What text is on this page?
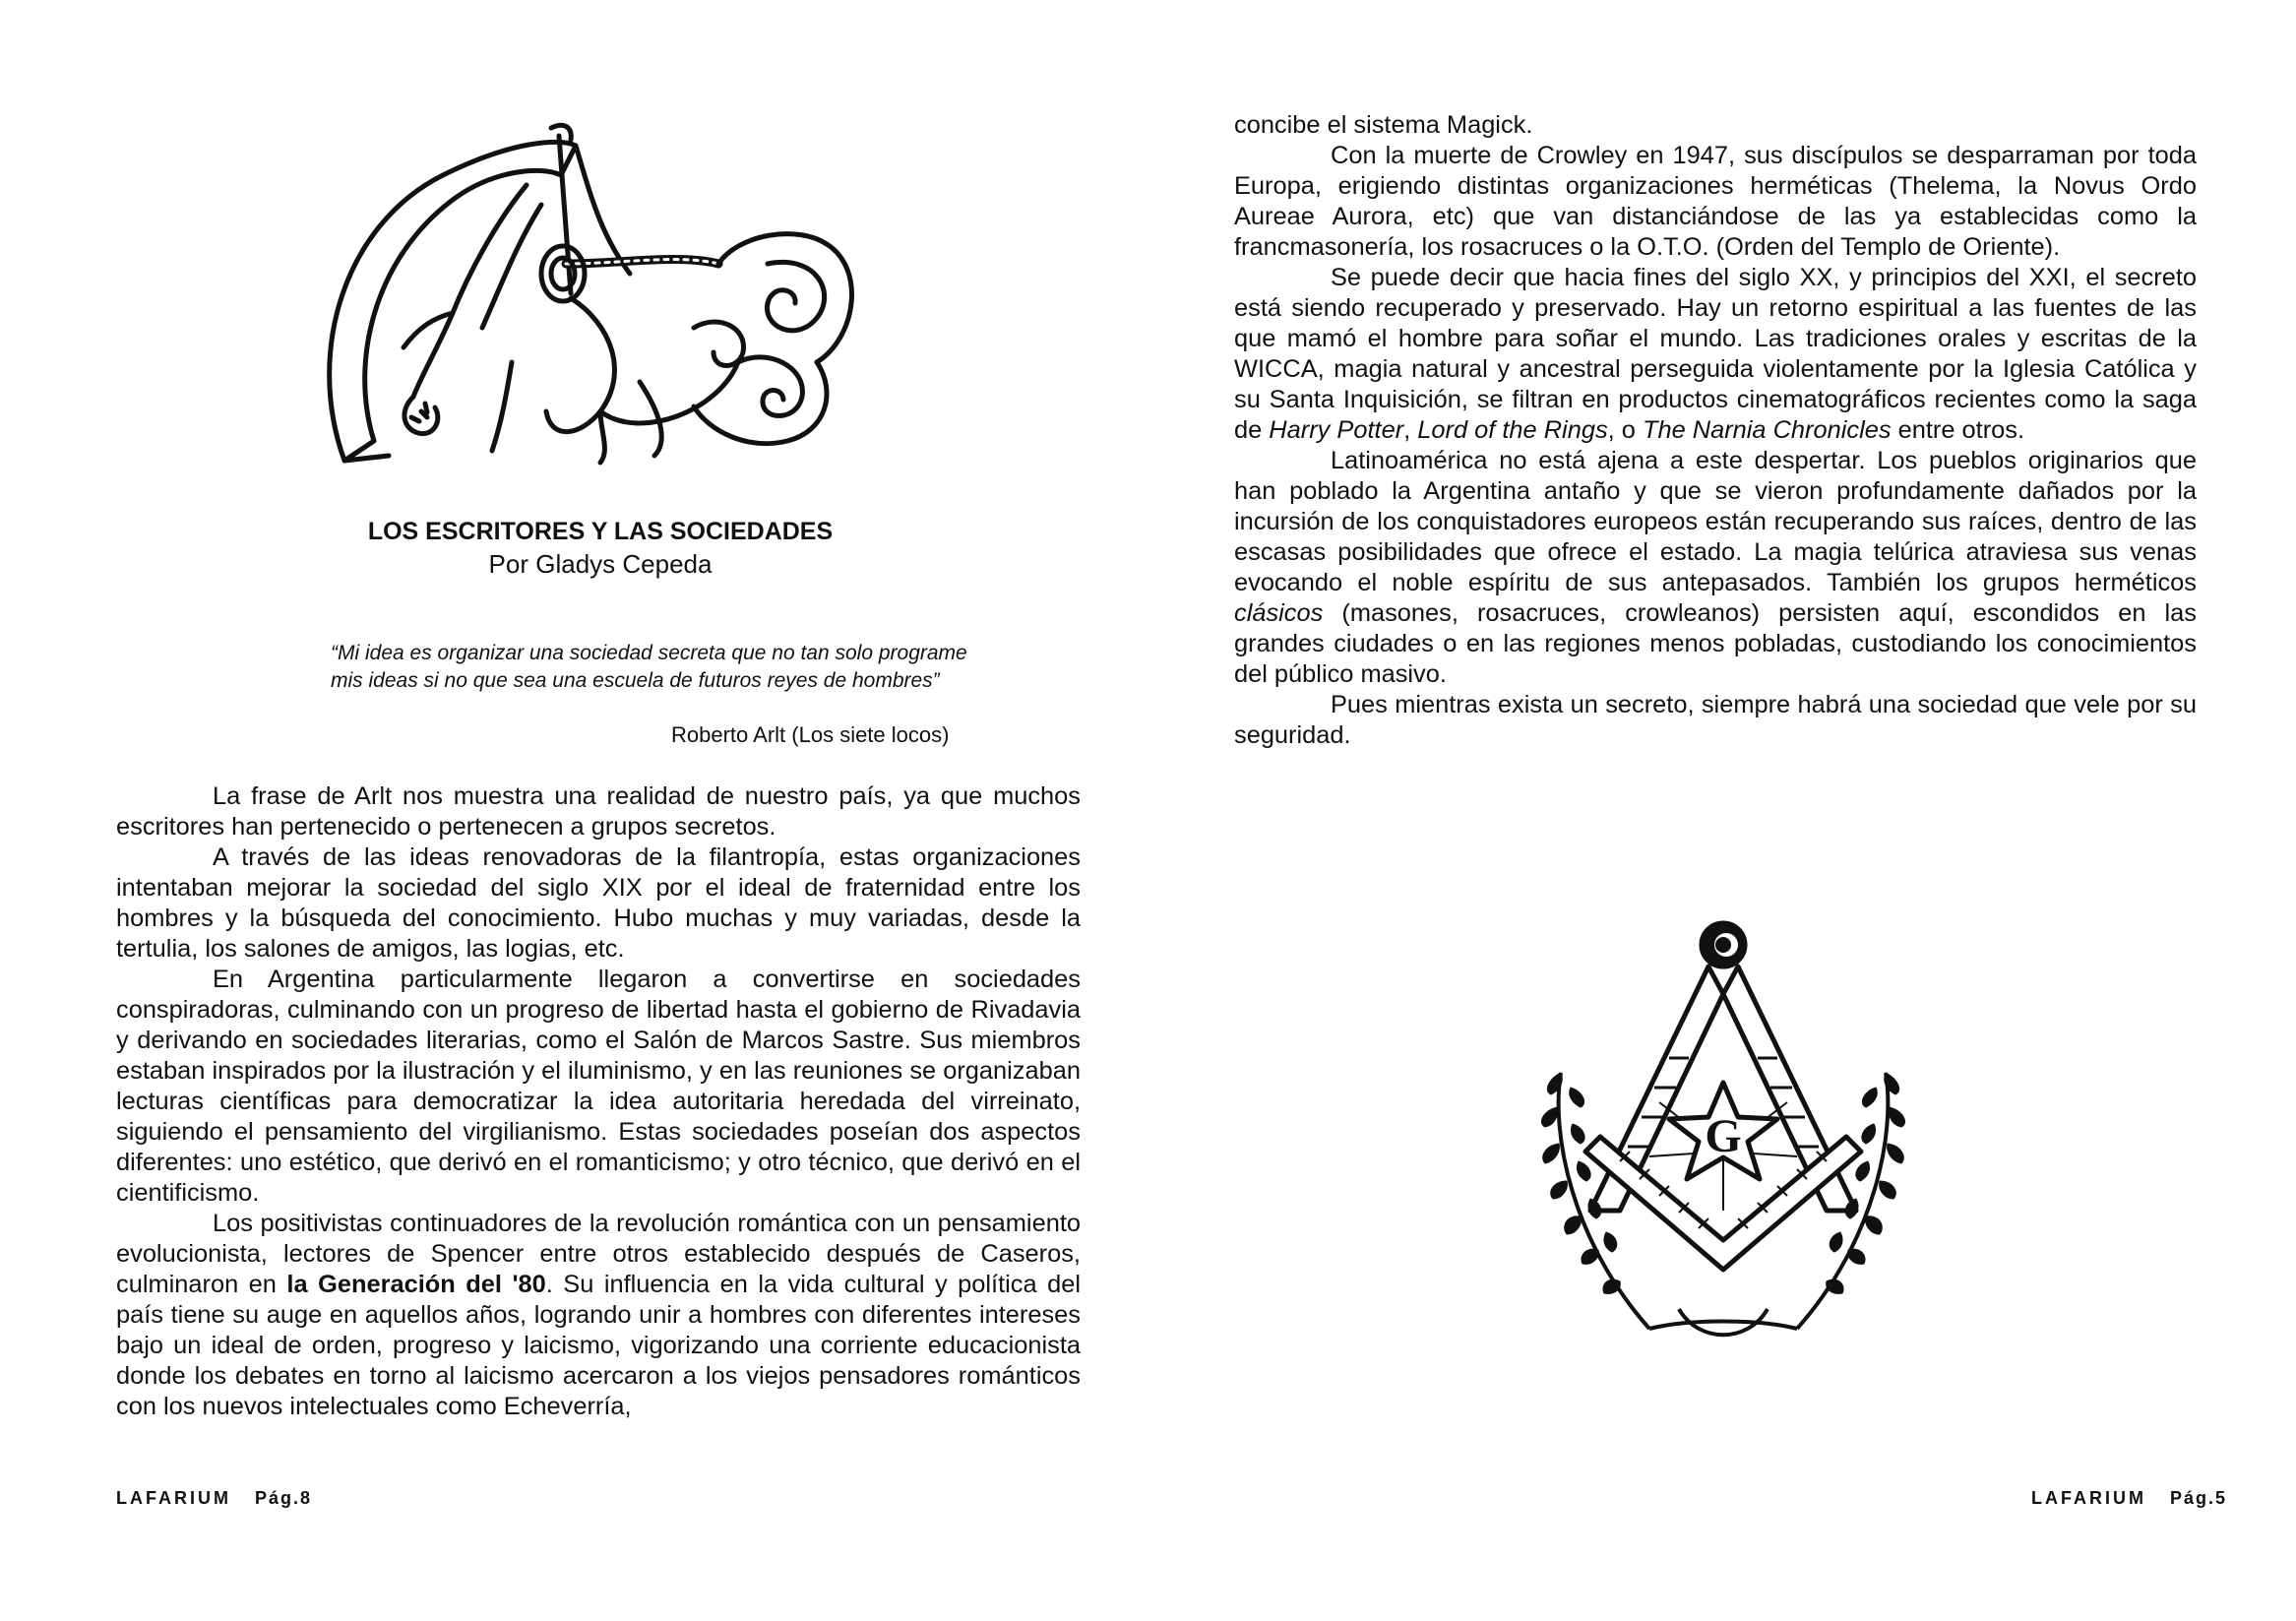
LOS ESCRITORES Y LAS SOCIEDADES
Por Gladys Cepeda
“Mi idea es organizar una sociedad secreta que no tan solo programe
mis ideas si no que sea una escuela de futuros reyes de hombres”
Roberto Arlt (Los siete locos)

La frase de Arlt nos muestra una realidad de nuestro país, ya que muchos escritores han pertenecido o pertenecen a grupos secretos.

A través de las ideas renovadoras de la filantropía, estas organizaciones intentaban mejorar la sociedad del siglo XIX por el ideal de fraternidad entre los hombres y la búsqueda del conocimiento. Hubo muchas y muy variadas, desde la tertulia, los salones de amigos, las logias, etc.

En Argentina particularmente llegaron a convertirse en sociedades conspiradoras, culminando con un progreso de libertad hasta el gobierno de Rivadavia y derivando en sociedades literarias, como el Salón de Marcos Sastre. Sus miembros estaban inspirados por la ilustración y el iluminismo, y en las reuniones se organizaban lecturas científicas para democratizar la idea autoritaria heredada del virreinato, siguiendo el pensamiento del virgilianismo. Estas sociedades poseían dos aspectos diferentes: uno estético, que derivó en el romanticismo; y otro técnico, que derivó en el cientificismo.

Los positivistas continuadores de la revolución romántica con un pensamiento evolucionista, lectores de Spencer entre otros establecido después de Caseros, culminaron en la Generación del '80. Su influencia en la vida cultural y política del país tiene su auge en aquellos años, logrando unir a hombres con diferentes intereses bajo un ideal de orden, progreso y laicismo, vigorizando una corriente educacionista donde los debates en torno al laicismo acercaron a los viejos pensadores románticos con los nuevos intelectuales como Echeverría,

LAFARIUM Pág.8

concibe el sistema Magick.

Con la muerte de Crowley en 1947, sus discípulos se desparraman por toda Europa, erigiendo distintas organizaciones herméticas (Thelema, la Novus Ordo Aureae Aurora, etc) que van distanciándose de las ya establecidas como la francmasonería, los rosacruces o la O.T.O. (Orden del Templo de Oriente).

Se puede decir que hacia fines del siglo XX, y principios del XXI, el secreto está siendo recuperado y preservado. Hay un retorno espiritual a las fuentes de las que mamó el hombre para soñar el mundo. Las tradiciones orales y escritas de la WICCA, magia natural y ancestral perseguida violentamente por la Iglesia Católica y su Santa Inquisición, se filtran en productos cinematográficos recientes como la saga de Harry Potter, Lord of the Rings, o The Narnia Chronicles entre otros.

Latinoamérica no está ajena a este despertar. Los pueblos originarios que han poblado la Argentina antaño y que se vieron profundamente dañados por la incursión de los conquistadores europeos están recuperando sus raíces, dentro de las escasas posibilidades que ofrece el estado. La magia telúrica atraviesa sus venas evocando el noble espíritu de sus antepasados. También los grupos herméticos clásicos (masones, rosacruces, crowleanos) persisten aquí, escondidos en las grandes ciudades o en las regiones menos pobladas, custodiando los conocimientos del público masivo.

Pues mientras exista un secreto, siempre habrá una sociedad que vele por su seguridad.

G
LAFARIUM Pág.5
